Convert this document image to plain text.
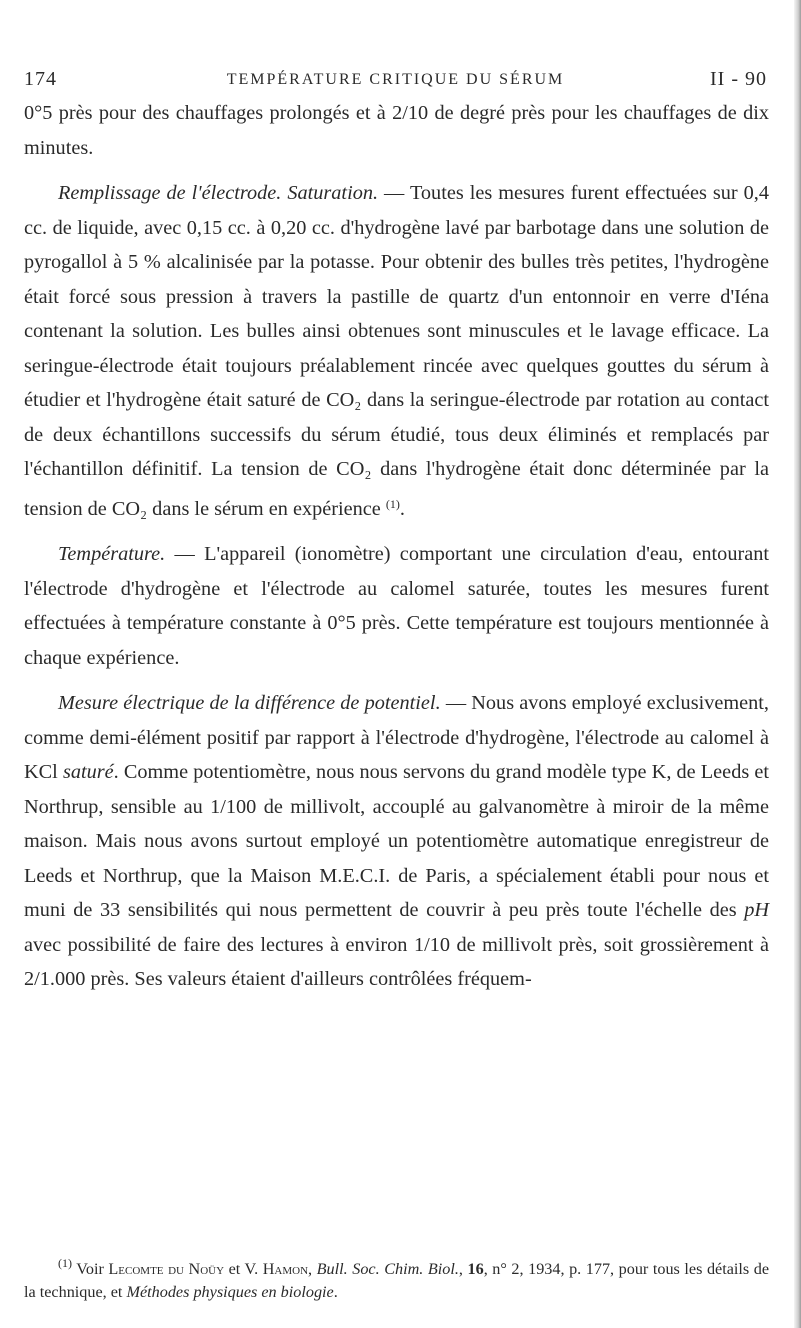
174	TEMPÉRATURE CRITIQUE DU SÉRUM	II - 90

0°5 près pour des chauffages prolongés et à 2/10 de degré près pour les chauffages de dix minutes.

Remplissage de l'électrode. Saturation. — Toutes les mesures furent effectuées sur 0,4 cc. de liquide, avec 0,15 cc. à 0,20 cc. d'hydrogène lavé par barbotage dans une solution de pyrogallol à 5 % alcalinisée par la potasse. Pour obtenir des bulles très petites, l'hydrogène était forcé sous pression à travers la pastille de quartz d'un entonnoir en verre d'Iéna contenant la solution. Les bulles ainsi obtenues sont minuscules et le lavage efficace. La seringue-électrode était toujours préalablement rincée avec quelques gouttes du sérum à étudier et l'hydrogène était saturé de CO₂ dans la seringue-électrode par rotation au contact de deux échantillons successifs du sérum étudié, tous deux éliminés et remplacés par l'échantillon définitif. La tension de CO₂ dans l'hydrogène était donc déterminée par la tension de CO₂ dans le sérum en expérience $^{(1)}$.

Température. — L'appareil (ionomètre) comportant une circulation d'eau, entourant l'électrode d'hydrogène et l'électrode au calomel saturée, toutes les mesures furent effectuées à température constante à 0°5 près. Cette température est toujours mentionnée à chaque expérience.

Mesure électrique de la différence de potentiel. — Nous avons employé exclusivement, comme demi-élément positif par rapport à l'électrode d'hydrogène, l'électrode au calomel à KCl saturé. Comme potentiomètre, nous nous servons du grand modèle type K, de Leeds et Northrup, sensible au 1/100 de millivolt, accouplé au galvanomètre à miroir de la même maison. Mais nous avons surtout employé un potentiomètre automatique enregistreur de Leeds et Northrup, que la Maison M.E.C.I. de Paris, a spécialement établi pour nous et muni de 33 sensibilités qui nous permettent de couvrir à peu près toute l'échelle des pH avec possibilité de faire des lectures à environ 1/10 de millivolt près, soit grossièrement à 2/1.000 près. Ses valeurs étaient d'ailleurs contrôlées fréquem-

$^{(1)}$ Voir Lecomte du Noüy et V. Hamon, Bull. Soc. Chim. Biol., 16, n° 2, 1934, p. 177, pour tous les détails de la technique, et Méthodes physiques en biologie.
